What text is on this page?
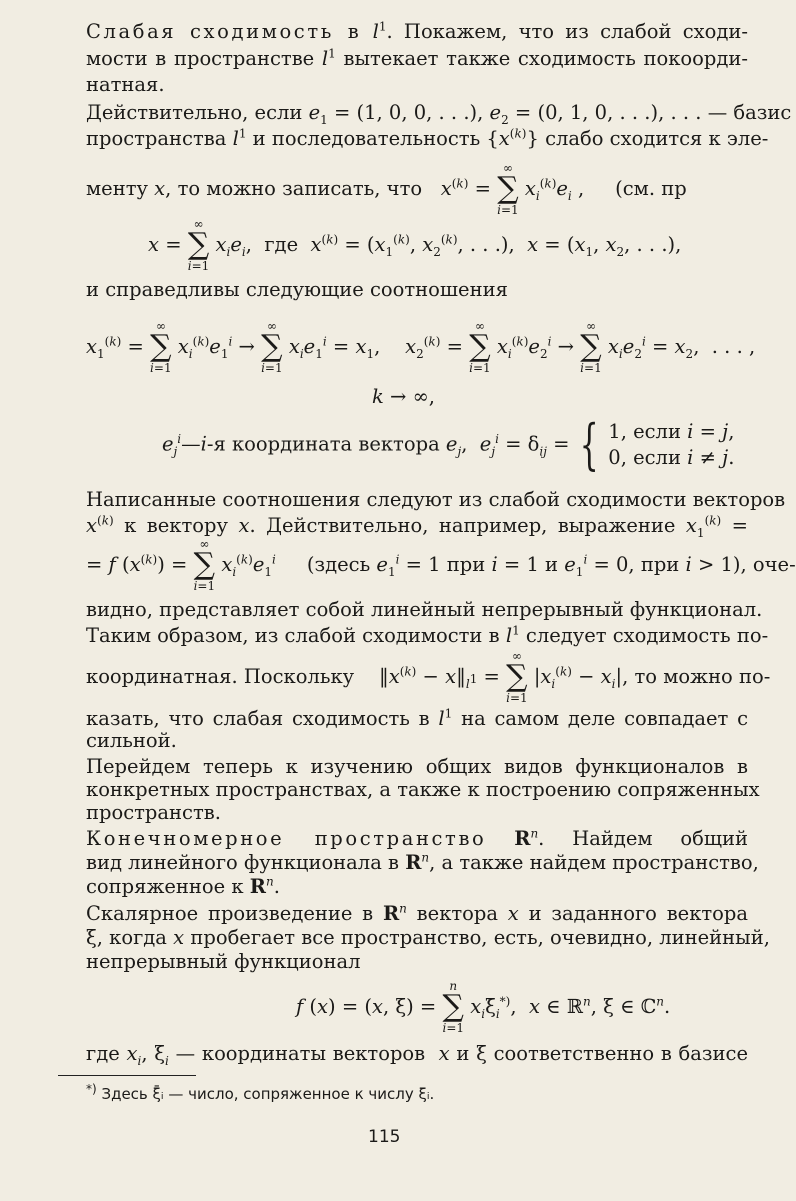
Слабая сходимость в $l^1$. Покажем, что из слабой сходи-
мости в пространстве $l^1$ вытекает также сходимость покоорди-
натная.
Действительно, если $e_1 = (1$, 0, 0, . . .), $e_2 = (0$, 1, 0, . . .), . . . — базис
пространства $l^1$ и последовательность $\{x^{(k)}\}$ слабо сходится к эле-
менту x, то можно записать, что $x^{(k)}$ =
∞
∑
i=1
$x_i^{(k)}e_i$ ,     (см. пр
x =
∞
∑
i=1
$x_ie_i$,  где $x^{(k)} = (x_1^{(k)}$, $x_2^{(k)}$, . . .),  $x = (x_1$, $x_2$, . . .),
и справедливы следующие соотношения
$x_1^{(k)}$ =
∞
∑
i=1
$x_i^{(k)}e_1^i$ →
∞
∑
i=1
$x_ie_1^i = x_1$,    $x_2^{(k)}$ =
∞
∑
i=1
$x_i^{(k)}e_2^i$ →
∞
∑
i=1
$x_ie_2^i = x_2$,  . . . ,
k → ∞,
$e_j^i—i-я$ координата вектора $e_j$,  $e_j^i = \delta_{ij}$ = { 1, если i = j,
0, если i ≠ j.
Написанные соотношения следуют из слабой сходимости векторов
$x^{(k)}$ к вектору x. Действительно, например, выражение $x_1^{(k)}$ =
= f $(x^{(k)})$ =
∞
∑
i=1
$x_i^{(k)}e_1^i$ (здесь $e_1^i = 1$ при i = 1 и $e_1^i = 0$, при i > 1), оче-
видно, представляет собой линейный непрерывный функционал.
Таким образом, из слабой сходимости в $l^1$ следует сходимость по-
координатная. Поскольку    $‖x^{(k)}$ − $x‖_{l^1}$ =
∞
∑
i=1
$|x_i^{(k)} - x_i|$, то можно по-
казать, что слабая сходимость в $l^1$ на самом деле совпадает с
сильной.
Перейдем теперь к изучению общих видов функционалов в
конкретных пространствах, а также к построению сопряженных
пространств.
Конечномерное пространство $R^n$. Найдем общий
вид линейного функционала в $R^n$, а также найдем пространство,
сопряженное к $R^n$.
Скалярное произведение в $R^n$ вектора x и заданного вектора
ξ, когда x пробегает все пространство, есть, очевидно, линейный,
непрерывный функционал
f (x) = (x, ξ) =
n
∑
i=1
$x_i\xī_i^{*)}$,  x ∈ ℝ$^n$, ξ ∈ ℂ$^n$.
где $x_i$, $\xi_i$ — координаты векторов x и ξ соответственно в базисе
*) Здесь ξ̄ᵢ — число, сопряженное к числу ξᵢ.
115
